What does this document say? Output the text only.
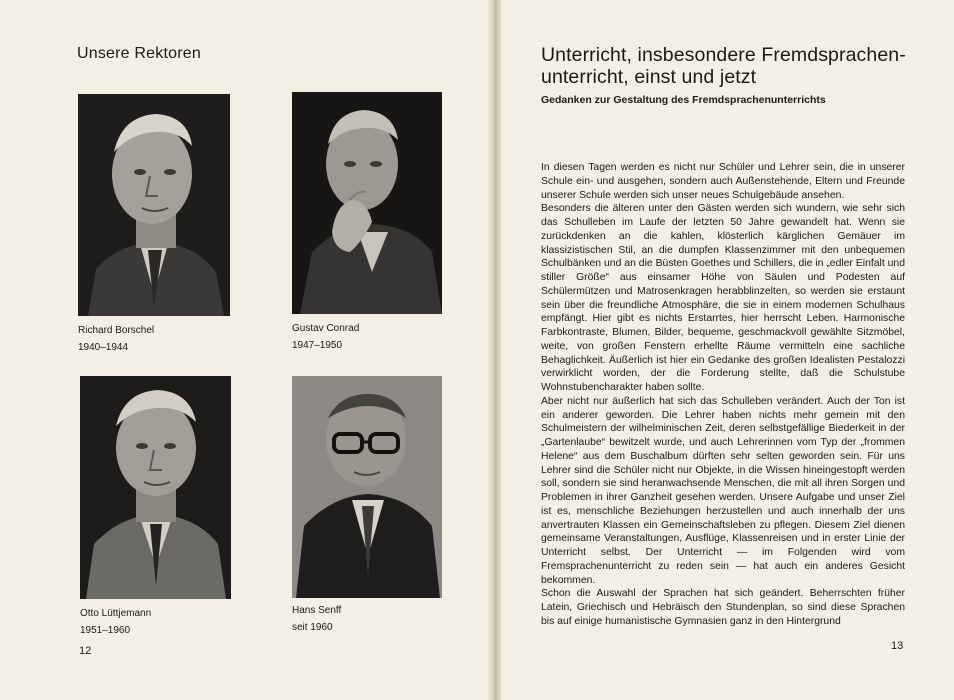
Unsere Rektoren
Richard Borschel
1940–1944
Gustav Conrad
1947–1950
Otto Lüttjemann
1951–1960
Hans Senff
seit 1960
12
Unterricht, insbesondere Fremdsprachen-
unterricht, einst und jetzt
Gedanken zur Gestaltung des Fremdsprachenunterrichts

In diesen Tagen werden es nicht nur Schüler und Lehrer sein, die in unserer Schule ein- und ausgehen, sondern auch Außenstehende, Eltern und Freunde unserer Schule werden sich unser neues Schulgebäude ansehen.

Besonders die älteren unter den Gästen werden sich wundern, wie sehr sich das Schulleben im Laufe der letzten 50 Jahre gewandelt hat. Wenn sie zurückdenken an die kahlen, klösterlich kärglichen Gemäuer im klassizistischen Stil, an die dumpfen Klassenzimmer mit den unbequemen Schulbänken und an die Büsten Goethes und Schillers, die in „edler Einfalt und stiller Größe“ aus einsamer Höhe von Säulen und Podesten auf Schülermützen und Matrosenkragen herabblinzelten, so werden sie erstaunt sein über die freundliche Atmosphäre, die sie in einem modernen Schulhaus empfängt. Hier gibt es nichts Erstarrtes, hier herrscht Leben. Harmonische Farbkontraste, Blumen, Bilder, bequeme, geschmackvoll gewählte Sitzmöbel, weite, von großen Fenstern erhellte Räume vermitteln eine sachliche Behaglichkeit. Äußerlich ist hier ein Gedanke des großen Idealisten Pestalozzi verwirklicht worden, der die Forderung stellte, daß die Schulstube Wohnstubencharakter haben sollte.

Aber nicht nur äußerlich hat sich das Schulleben verändert. Auch der Ton ist ein anderer geworden. Die Lehrer haben nichts mehr gemein mit den Schulmeistern der wilhelminischen Zeit, deren selbstgefällige Biederkeit in der „Gartenlaube“ bewitzelt wurde, und auch Lehrerinnen vom Typ der „frommen Helene“ aus dem Buschalbum dürften sehr selten geworden sein. Für uns Lehrer sind die Schüler nicht nur Objekte, in die Wissen hineingestopft werden soll, sondern sie sind heranwachsende Menschen, die mit all ihren Sorgen und Problemen in ihrer Ganzheit gesehen werden. Unsere Aufgabe und unser Ziel ist es, menschliche Beziehungen herzustellen und auch innerhalb der uns anvertrauten Klassen ein Gemeinschaftsleben zu pflegen. Diesem Ziel dienen gemeinsame Veranstaltungen, Ausflüge, Klassenreisen und in erster Linie der Unterricht selbst. Der Unterricht — im Folgenden wird vom Fremsprachenunterricht zu reden sein — hat auch ein anderes Gesicht bekommen.

Schon die Auswahl der Sprachen hat sich geändert. Beherrschten früher Latein, Griechisch und Hebräisch den Stundenplan, so sind diese Sprachen bis auf einige humanistische Gymnasien ganz in den Hintergrund

13
